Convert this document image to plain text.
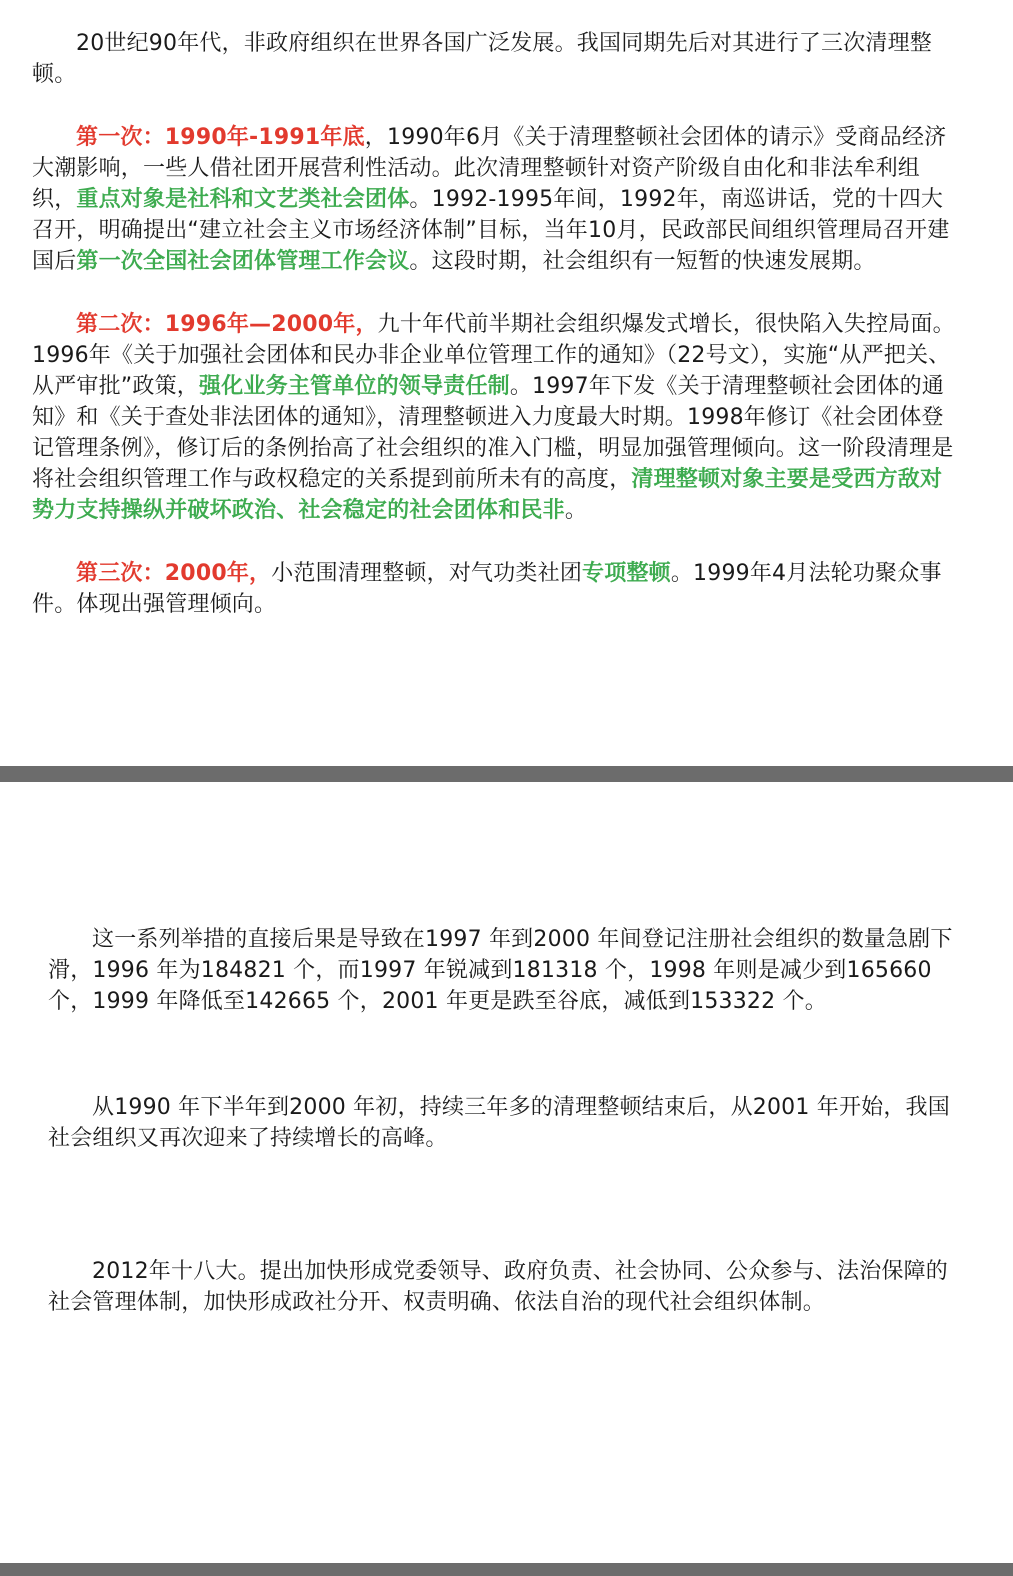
20世纪90年代，非政府组织在世界各国广泛发展。我国同期先后对其进行了三次清理整顿。

第一次：1990年-1991年底，1990年6月《关于清理整顿社会团体的请示》受商品经济大潮影响，一些人借社团开展营利性活动。此次清理整顿针对资产阶级自由化和非法牟利组织，重点对象是社科和文艺类社会团体。1992-1995年间，1992年，南巡讲话，党的十四大召开，明确提出“建立社会主义市场经济体制”目标，当年10月，民政部民间组织管理局召开建国后第一次全国社会团体管理工作会议。这段时期，社会组织有一短暂的快速发展期。

第二次：1996年—2000年，九十年代前半期社会组织爆发式增长，很快陷入失控局面。1996年《关于加强社会团体和民办非企业单位管理工作的通知》（22号文），实施“从严把关、从严审批”政策，强化业务主管单位的领导责任制。1997年下发《关于清理整顿社会团体的通知》和《关于查处非法团体的通知》，清理整顿进入力度最大时期。1998年修订《社会团体登记管理条例》，修订后的条例抬高了社会组织的准入门槛，明显加强管理倾向。这一阶段清理是将社会组织管理工作与政权稳定的关系提到前所未有的高度，清理整顿对象主要是受西方敌对势力支持操纵并破坏政治、社会稳定的社会团体和民非。

第三次：2000年，小范围清理整顿，对气功类社团专项整顿。1999年4月法轮功聚众事件。体现出强管理倾向。

这一系列举措的直接后果是导致在1997 年到2000 年间登记注册社会组织的数量急剧下滑，1996 年为184821 个，而1997 年锐减到181318 个，1998 年则是减少到165660 个，1999 年降低至142665 个，2001 年更是跌至谷底，减低到153322 个。

从1990 年下半年到2000 年初，持续三年多的清理整顿结束后，从2001 年开始，我国社会组织又再次迎来了持续增长的高峰。

2012年十八大。提出加快形成党委领导、政府负责、社会协同、公众参与、法治保障的社会管理体制，加快形成政社分开、权责明确、依法自治的现代社会组织体制。
